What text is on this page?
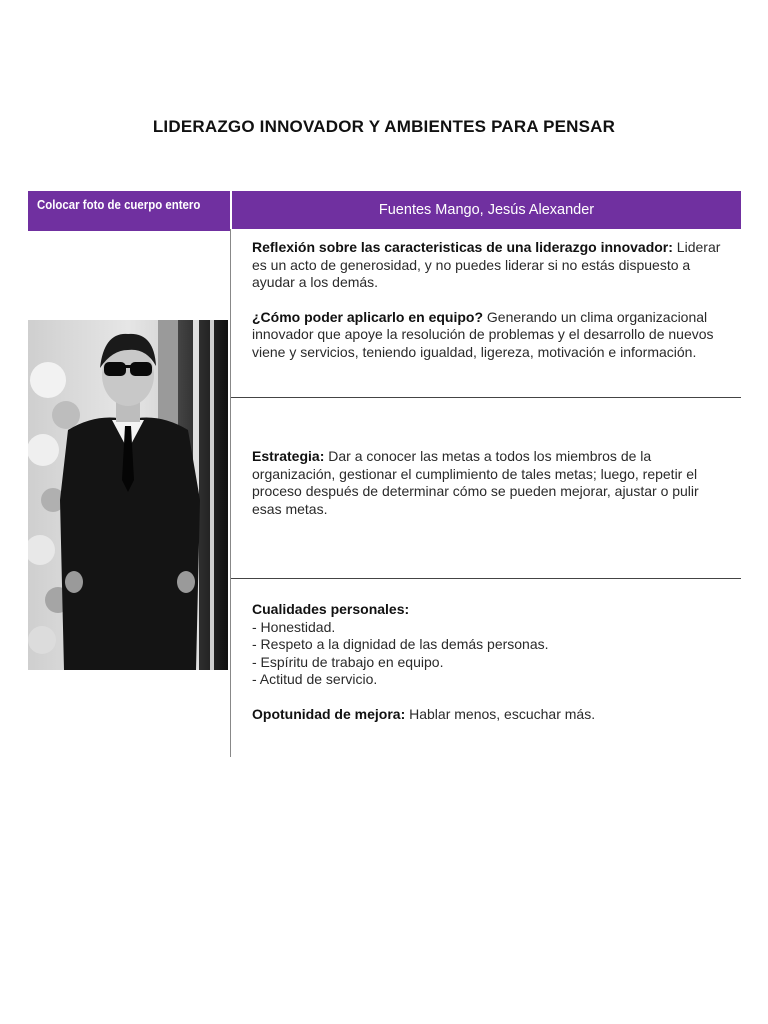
LIDERAZGO INNOVADOR Y AMBIENTES PARA PENSAR
Colocar foto de cuerpo entero	Fuentes Mango, Jesús Alexander

Reflexión sobre las caracteristicas de una liderazgo innovador: Liderar es un acto de generosidad, y no puedes liderar si no estás dispuesto a ayudar a los demás.

¿Cómo poder aplicarlo en equipo? Generando un clima organizacional innovador que apoye la resolución de problemas y el desarrollo de nuevos viene y servicios, teniendo igualdad, ligereza, motivación e información.

Estrategia: Dar a conocer las metas a todos los miembros de la organización, gestionar el cumplimiento de tales metas; luego, repetir el proceso después de determinar cómo se pueden mejorar, ajustar o pulir esas metas.

Cualidades personales:

- Honestidad.

- Respeto a la dignidad de las demás personas.

- Espíritu de trabajo en equipo.

- Actitud de servicio.

Opotunidad de mejora: Hablar menos, escuchar más.
